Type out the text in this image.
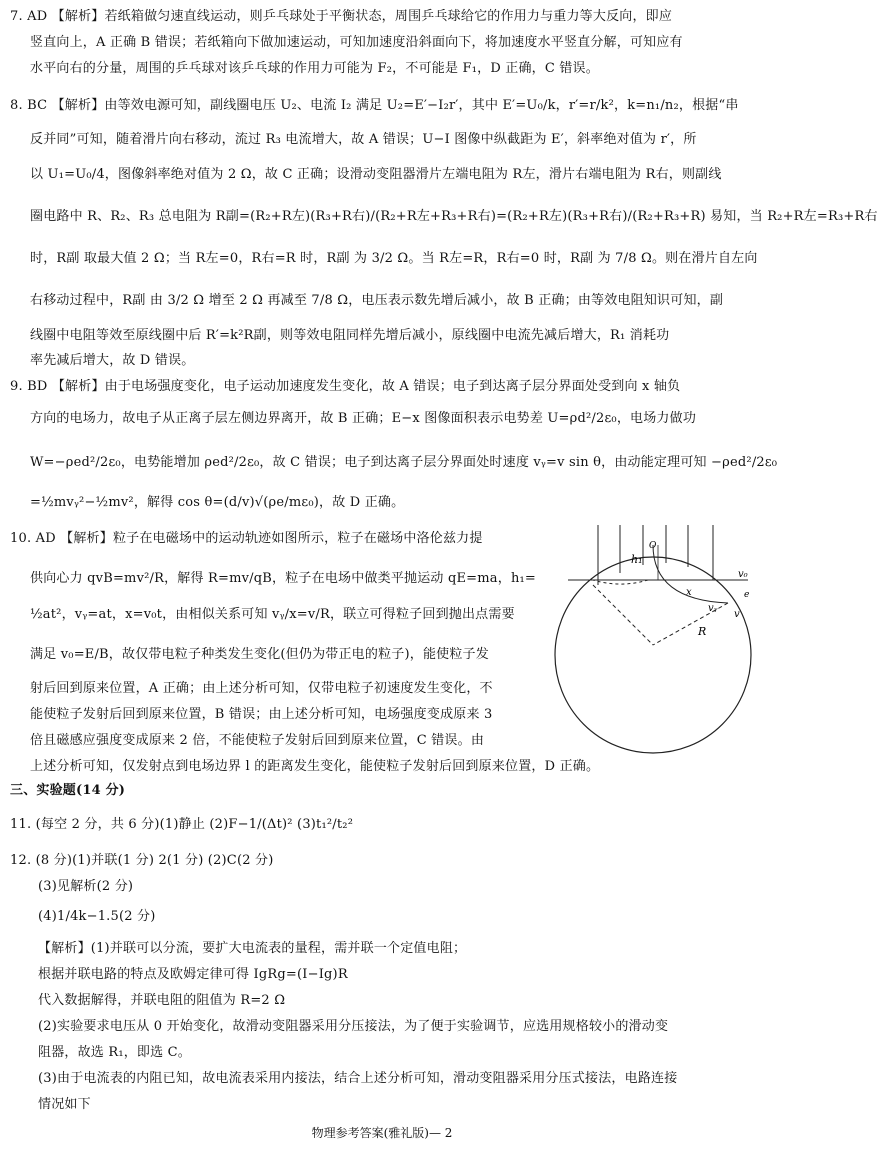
7. AD 【解析】若纸箱做匀速直线运动，则乒乓球处于平衡状态，周围乒乓球给它的作用力与重力等大反向，即应
竖直向上，A 正确 B 错误；若纸箱向下做加速运动，可知加速度沿斜面向下，将加速度水平竖直分解，可知应有
水平向右的分量，周围的乒乓球对该乒乓球的作用力可能为 F₂，不可能是 F₁，D 正确，C 错误。
8. BC 【解析】由等效电源可知，副线圈电压 U₂、电流 I₂ 满足 U₂=E′−I₂r′，其中 E′=U₀/k，r′=r/k²，k=n₁/n₂，根据“串
反并同”可知，随着滑片向右移动，流过 R₃ 电流增大，故 A 错误；U−I 图像中纵截距为 E′，斜率绝对值为 r′，所
以 U₁=U₀/4，图像斜率绝对值为 2 Ω，故 C 正确；设滑动变阻器滑片左端电阻为 R左，滑片右端电阻为 R右，则副线
圈电路中 R、R₂、R₃ 总电阻为 R副=(R₂+R左)(R₃+R右)/(R₂+R左+R₃+R右)=(R₂+R左)(R₃+R右)/(R₂+R₃+R) 易知，当 R₂+R左=R₃+R右
时，R副 取最大值 2 Ω；当 R左=0，R右=R 时，R副 为 3/2 Ω。当 R左=R，R右=0 时，R副 为 7/8 Ω。则在滑片自左向
右移动过程中，R副 由 3/2 Ω 增至 2 Ω 再减至 7/8 Ω，电压表示数先增后减小，故 B 正确；由等效电阻知识可知，副
线圈中电阻等效至原线圈中后 R′=k²R副，则等效电阻同样先增后减小，原线圈中电流先减后增大，R₁ 消耗功
率先减后增大，故 D 错误。
9. BD 【解析】由于电场强度变化，电子运动加速度发生变化，故 A 错误；电子到达离子层分界面处受到向 x 轴负
方向的电场力，故电子从正离子层左侧边界离开，故 B 正确；E−x 图像面积表示电势差 U=ρd²/2ε₀，电场力做功
W=−ρed²/2ε₀，电势能增加 ρed²/2ε₀，故 C 错误；电子到达离子层分界面处时速度 vᵧ=v sin θ，由动能定理可知 −ρed²/2ε₀
=½mvᵧ²−½mv²，解得 cos θ=(d/v)√(ρe/mε₀)，故 D 正确。
10. AD 【解析】粒子在电磁场中的运动轨迹如图所示，粒子在磁场中洛伦兹力提
供向心力 qvB=mv²/R，解得 R=mv/qB，粒子在电场中做类平抛运动 qE=ma，h₁=
½at²，vᵧ=at，x=v₀t，由相似关系可知 vᵧ/x=v/R，联立可得粒子回到抛出点需要
满足 v₀=E/B，故仅带电粒子种类发生变化(但仍为带正电的粒子)，能使粒子发
射后回到原来位置，A 正确；由上述分析可知，仅带电粒子初速度发生变化，不
能使粒子发射后回到原来位置，B 错误；由上述分析可知，电场强度变成原来 3
倍且磁感应强度变成原来 2 倍，不能使粒子发射后回到原来位置，C 错误。由
上述分析可知，仅发射点到电场边界 l 的距离发生变化，能使粒子发射后回到原来位置，D 正确。
三、实验题(14 分)
11. (每空 2 分，共 6 分)(1)静止 (2)F−1/(Δt)² (3)t₁²/t₂²
12. (8 分)(1)并联(1 分) 2(1 分) (2)C(2 分)
(3)见解析(2 分)
(4)1/4k−1.5(2 分)
【解析】(1)并联可以分流，要扩大电流表的量程，需并联一个定值电阻；
根据并联电路的特点及欧姆定律可得 IgRg=(I−Ig)R
代入数据解得，并联电阻的阻值为 R=2 Ω
(2)实验要求电压从 0 开始变化，故滑动变阻器采用分压接法，为了便于实验调节，应选用规格较小的滑动变
阻器，故选 R₁，即选 C。
(3)由于电流表的内阻已知，故电流表采用内接法，结合上述分析可知，滑动变阻器采用分压式接法，电路连接
情况如下
h₁
v₀
vᵧ
v
x
R
O
e
物理参考答案(雅礼版)— 2
